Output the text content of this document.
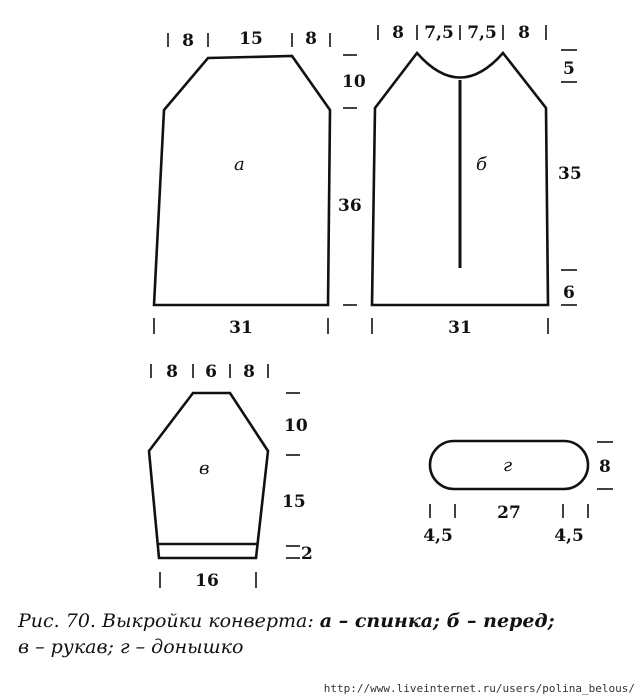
а
8	15 8
10
36
31
б
8 7,5 7,5 8
5
35
6
31
в
8 6 8
10
15
2
16
г	8
4,5
27
4,5
Рис. 70. Выкройки конверта: а – спинка; б – перед;
в – рукав; г – донышко
http://www.liveinternet.ru/users/polina_belous/
